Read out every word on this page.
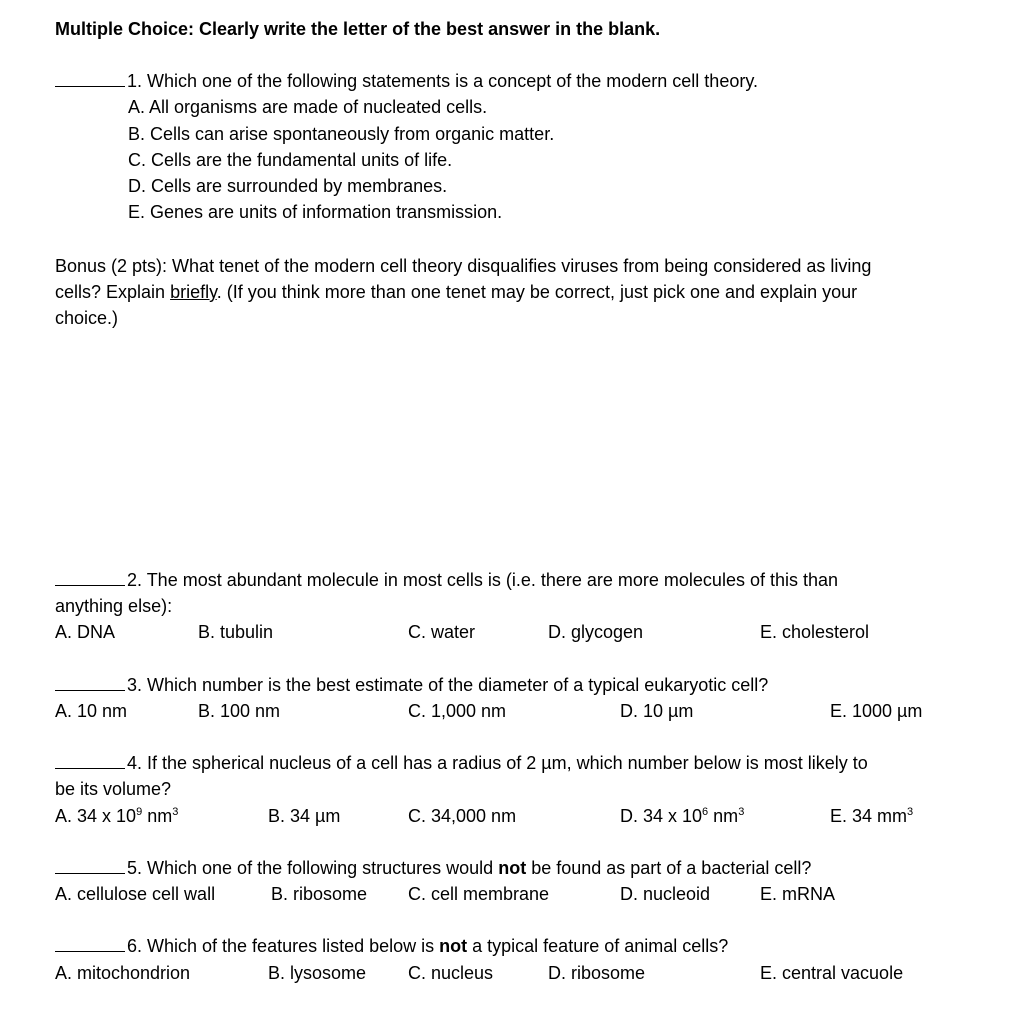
Multiple Choice: Clearly write the letter of the best answer in the blank.
1. Which one of the following statements is a concept of the modern cell theory.
A. All organisms are made of nucleated cells.
B. Cells can arise spontaneously from organic matter.
C. Cells are the fundamental units of life.
D. Cells are surrounded by membranes.
E. Genes are units of information transmission.
Bonus (2 pts): What tenet of the modern cell theory disqualifies viruses from being considered as living
cells? Explain briefly. (If you think more than one tenet may be correct, just pick one and explain your
choice.)
2. The most abundant molecule in most cells is (i.e. there are more molecules of this than
anything else):
A. DNA	B. tubulin	C. water	D. glycogen	E. cholesterol
3. Which number is the best estimate of the diameter of a typical eukaryotic cell?
A. 10 nm	B. 100 nm	C. 1,000 nm	D. 10 µm	E. 1000 µm
4. If the spherical nucleus of a cell has a radius of 2 µm, which number below is most likely to
be its volume?
A. 34 x $10^9$ $nm^3$	B. 34 µm	C. 34,000 nm	D. 34 x $10^6$ $nm^3$	E. 34 $mm^3$
5. Which one of the following structures would not be found as part of a bacterial cell?
A. cellulose cell wall	B. ribosome C. cell membrane	D. nucleoid	E. mRNA
6. Which of the features listed below is not a typical feature of animal cells?
A. mitochondrion	B. lysosome C. nucleus	D. ribosome	E. central vacuole
